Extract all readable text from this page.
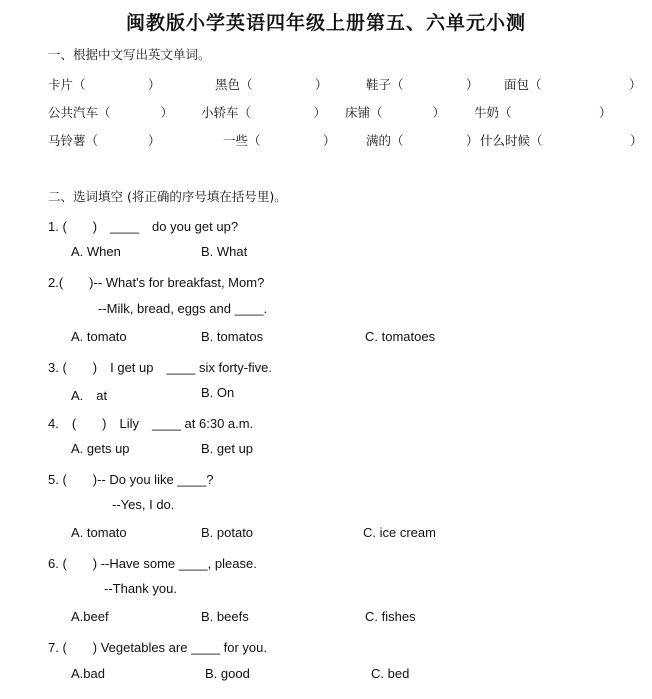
闽教版小学英语四年级上册第五、六单元小测
一、根据中文写出英文单词。
卡片（　　　　　）	黑色（　　　　　）	鞋子（　　　　　） 面包（　　　　　　　）
公共汽车（　　　　） 小轿车（　　　　　） 床铺（　　　　） 牛奶（　　　　　　　）
马铃薯（　　　　）	一些（　　　　　） 满的（　　　　　） 什么时候（　　　　　　　）
二、选词填空 (将正确的序号填在括号里)。
1. (　　)　____　do you get up?
A. When	B. What
2.(　　)-- What's for breakfast, Mom?
--Milk, bread, eggs and ____.
A. tomato	B. tomatos	C. tomatoes
3. (　　)　I get up　____ six forty-five.
A.　at	B. On
4.　(　　)　Lily　____ at 6:30 a.m.
A. gets up	B. get up
5. (　　)-- Do you like ____?
--Yes, I do.
A. tomato	B. potato	C. ice cream
6. (　　) --Have some ____, please.
--Thank you.
A.beef	B. beefs	C. fishes
7. (　　) Vegetables are ____ for you.
A.bad	B. good	C. bed
